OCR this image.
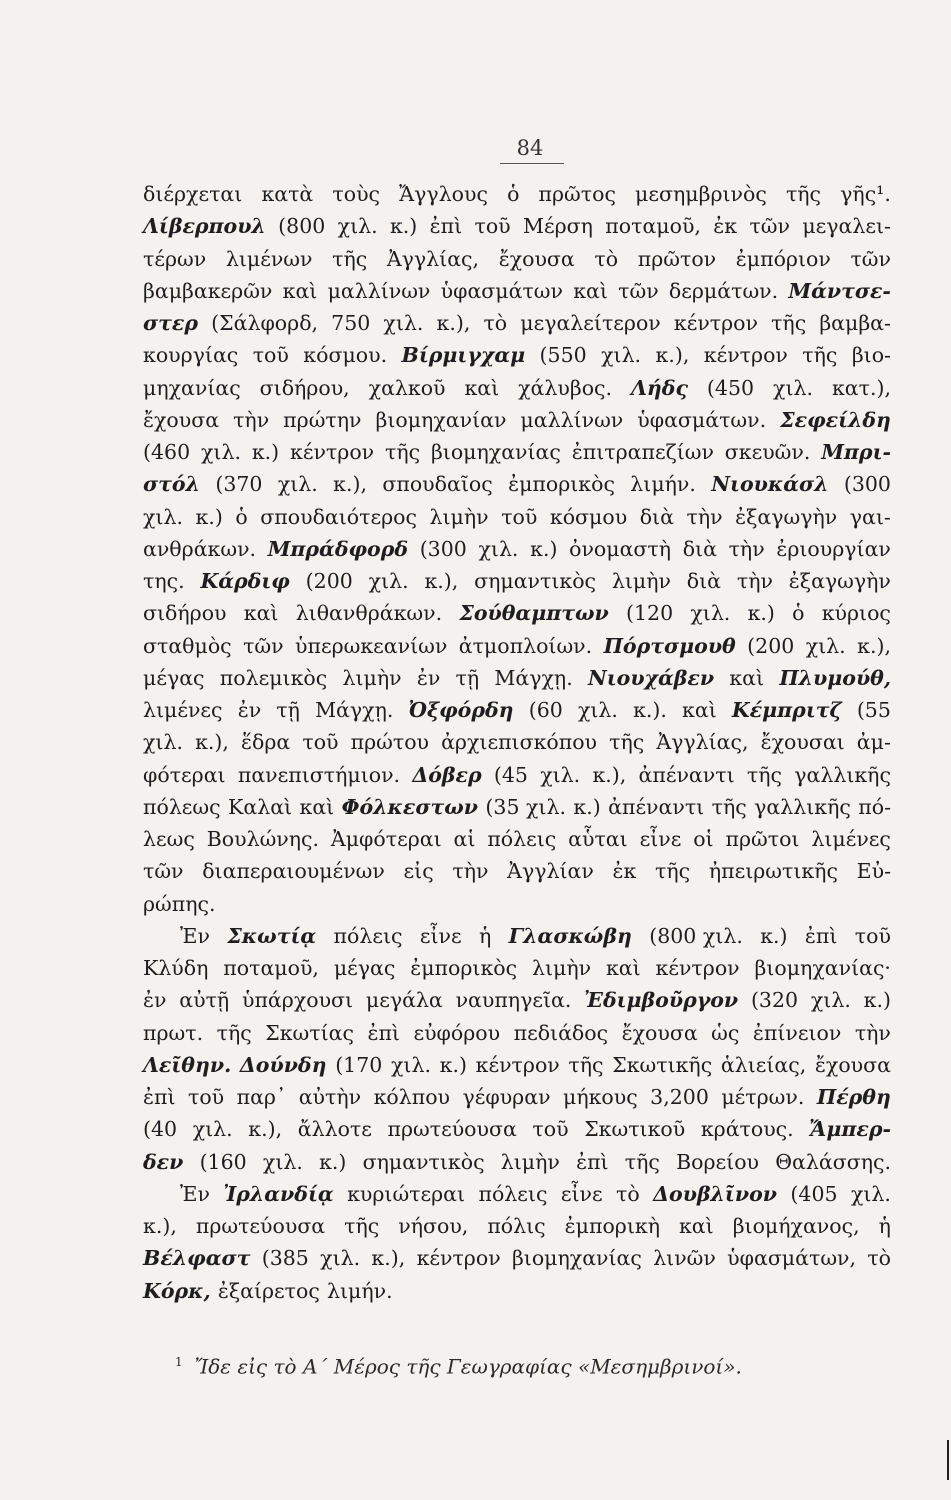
84
διέρχεται κατὰ τοὺς Ἄγγλους ὁ πρῶτος μεσημβρινὸς τῆς γῆς¹.
Λίβερπουλ (800 χιλ. κ.) ἐπὶ τοῦ Μέρση ποταμοῦ, ἐκ τῶν μεγαλει-
τέρων λιμένων τῆς Ἀγγλίας, ἔχουσα τὸ πρῶτον ἐμπόριον τῶν
βαμβακερῶν καὶ μαλλίνων ὑφασμάτων καὶ τῶν δερμάτων. Μάντσε-
στερ (Σάλφορδ, 750 χιλ. κ.), τὸ μεγαλείτερον κέντρον τῆς βαμβα-
κουργίας τοῦ κόσμου. Βίρμιγχαμ (550 χιλ. κ.), κέντρον τῆς βιο-
μηχανίας σιδήρου, χαλκοῦ καὶ χάλυβος. Λήδς (450 χιλ. κατ.),
ἔχουσα τὴν πρώτην βιομηχανίαν μαλλίνων ὑφασμάτων. Σεφείλδη
(460 χιλ. κ.) κέντρον τῆς βιομηχανίας ἐπιτραπεζίων σκευῶν. Μπρι-
στόλ (370 χιλ. κ.), σπουδαῖος ἐμπορικὸς λιμήν. Νιουκάσλ (300
χιλ. κ.) ὁ σπουδαιότερος λιμὴν τοῦ κόσμου διὰ τὴν ἐξαγωγὴν γαι-
ανθράκων. Μπράδφορδ (300 χιλ. κ.) ὀνομαστὴ διὰ τὴν ἐριουργίαν
της. Κάρδιφ (200 χιλ. κ.), σημαντικὸς λιμὴν διὰ τὴν ἐξαγωγὴν
σιδήρου καὶ λιθανθράκων. Σούθαμπτων (120 χιλ. κ.) ὁ κύριος
σταθμὸς τῶν ὑπερωκεανίων ἀτμοπλοίων. Πόρτσμουθ (200 χιλ. κ.),
μέγας πολεμικὸς λιμὴν ἐν τῇ Μάγχῃ. Νιουχάβεν καὶ Πλυμούθ,
λιμένες ἐν τῇ Μάγχῃ. Ὀξφόρδη (60 χιλ. κ.). καὶ Κέμπριτζ (55
χιλ. κ.), ἕδρα τοῦ πρώτου ἀρχιεπισκόπου τῆς Ἀγγλίας, ἔχουσαι ἀμ-
φότεραι πανεπιστήμιον. Δόβερ (45 χιλ. κ.), ἀπέναντι τῆς γαλλικῆς
πόλεως Καλαὶ καὶ Φόλκεστων (35 χιλ. κ.) ἀπέναντι τῆς γαλλικῆς πό-
λεως Βουλώνης. Ἀμφότεραι αἱ πόλεις αὗται εἶνε οἱ πρῶτοι λιμένες
τῶν διαπεραιουμένων εἰς τὴν Ἀγγλίαν ἐκ τῆς ἠπειρωτικῆς Εὐ-
ρώπης.
Ἐν Σκωτίᾳ πόλεις εἶνε ἡ Γλασκώβη (800 χιλ. κ.) ἐπὶ τοῦ
Κλύδη ποταμοῦ, μέγας ἐμπορικὸς λιμὴν καὶ κέντρον βιομηχανίας·
ἐν αὐτῇ ὑπάρχουσι μεγάλα ναυπηγεῖα. Ἐδιμβοῦργον (320 χιλ. κ.)
πρωτ. τῆς Σκωτίας ἐπὶ εὐφόρου πεδιάδος ἔχουσα ὡς ἐπίνειον τὴν
Λεῖθην. Δούνδη (170 χιλ. κ.) κέντρον τῆς Σκωτικῆς ἁλιείας, ἔχουσα
ἐπὶ τοῦ παρ᾽ αὐτὴν κόλπου γέφυραν μήκους 3,200 μέτρων. Πέρθη
(40 χιλ. κ.), ἄλλοτε πρωτεύουσα τοῦ Σκωτικοῦ κράτους. Ἄμπερ-
δεν (160 χιλ. κ.) σημαντικὸς λιμὴν ἐπὶ τῆς Βορείου Θαλάσσης.
Ἐν Ἰρλανδίᾳ κυριώτεραι πόλεις εἶνε τὸ Δουβλῖνον (405 χιλ.
κ.), πρωτεύουσα τῆς νήσου, πόλις ἐμπορικὴ καὶ βιομήχανος, ἡ
Βέλφαστ (385 χιλ. κ.), κέντρον βιομηχανίας λινῶν ὑφασμάτων, τὸ
Κόρκ, ἐξαίρετος λιμήν.
$^1$ Ἴδε εἰς τὸ Α´ Μέρος τῆς Γεωγραφίας «Μεσημβρινοί».
